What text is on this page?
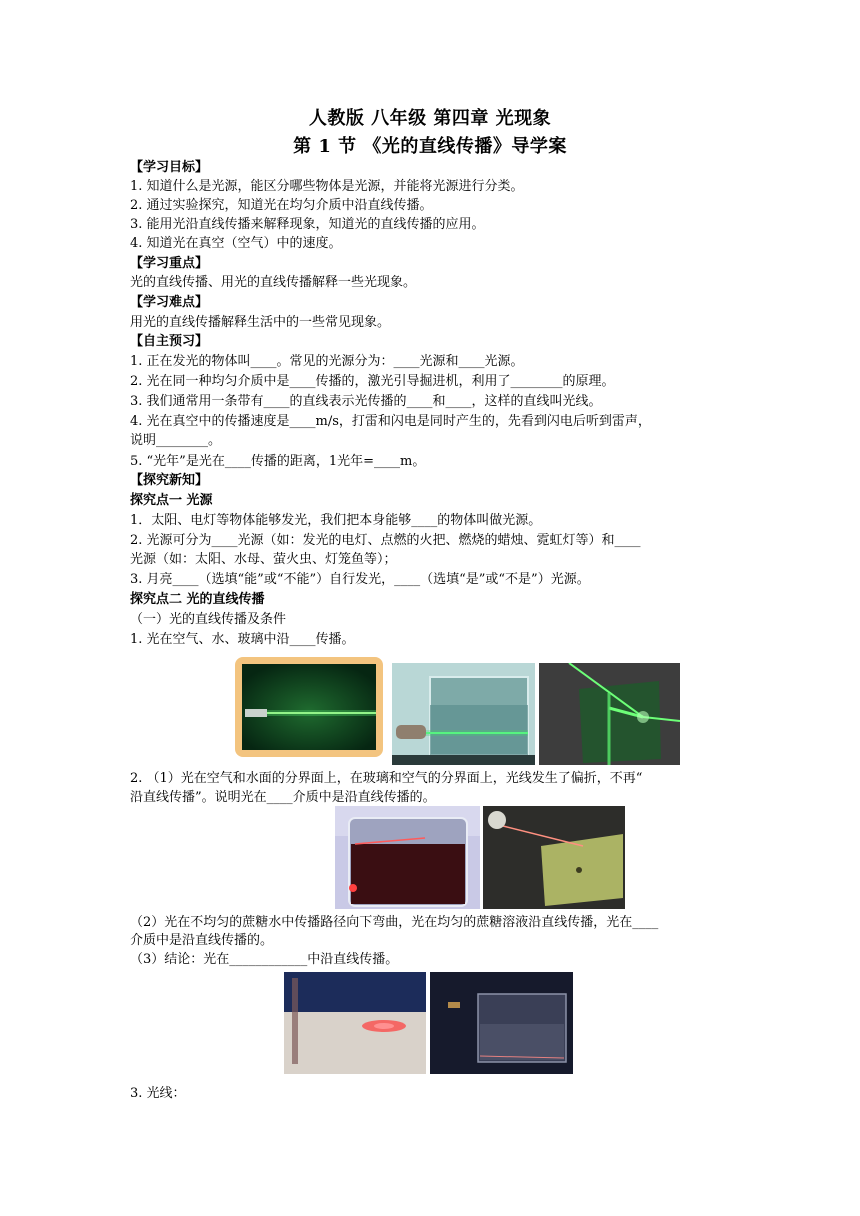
人教版 八年级 第四章 光现象
第 1 节 《光的直线传播》导学案
【学习目标】
1. 知道什么是光源，能区分哪些物体是光源，并能将光源进行分类。
2. 通过实验探究，知道光在均匀介质中沿直线传播。
3. 能用光沿直线传播来解释现象，知道光的直线传播的应用。
4. 知道光在真空（空气）中的速度。
【学习重点】
光的直线传播、用光的直线传播解释一些光现象。
【学习难点】
用光的直线传播解释生活中的一些常见现象。
【自主预习】
1. 正在发光的物体叫____。常见的光源分为：____光源和____光源。
2. 光在同一种均匀介质中是____传播的，激光引导掘进机，利用了________的原理。
3. 我们通常用一条带有____的直线表示光传播的____和____，这样的直线叫光线。
4. 光在真空中的传播速度是____m/s，打雷和闪电是同时产生的，先看到闪电后听到雷声，
说明________。
5. “光年”是光在____传播的距离，1光年=____m。
【探究新知】
探究点一 光源
1．太阳、电灯等物体能够发光，我们把本身能够____的物体叫做光源。
2. 光源可分为____光源（如：发光的电灯、点燃的火把、燃烧的蜡烛、霓虹灯等）和____
光源（如：太阳、水母、萤火虫、灯笼鱼等）；
3. 月亮____（选填“能”或“不能”）自行发光，____（选填“是”或“不是”）光源。
探究点二 光的直线传播
（一）光的直线传播及条件
1. 光在空气、水、玻璃中沿____传播。
2. （1）光在空气和水面的分界面上，在玻璃和空气的分界面上，光线发生了偏折，不再“
沿直线传播”。说明光在____介质中是沿直线传播的。
（2）光在不均匀的蔗糖水中传播路径向下弯曲，光在均匀的蔗糖溶液沿直线传播，光在____
介质中是沿直线传播的。
（3）结论：光在____________中沿直线传播。
3. 光线：
